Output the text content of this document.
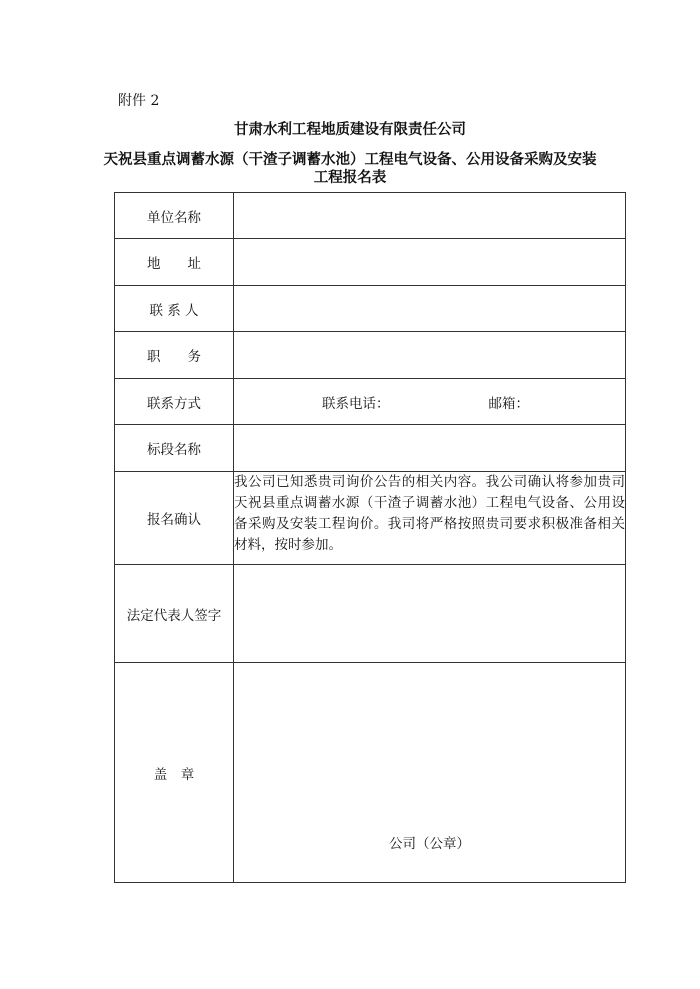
附件 2
甘肃水利工程地质建设有限责任公司
天祝县重点调蓄水源（干渣子调蓄水池）工程电气设备、公用设备采购及安装
工程报名表
单位名称	
地　　址	
联 系 人	
职　　务	
联系方式	联系电话： 邮箱：

标段名称	
报名确认	我公司已知悉贵司询价公告的相关内容。我公司确认将参加贵司天祝县重点调蓄水源（干渣子调蓄水池）工程电气设备、公用设备采购及安装工程询价。我司将严格按照贵司要求积极准备相关材料，按时参加。
法定代表人签字	
盖　章	公司（公章）
